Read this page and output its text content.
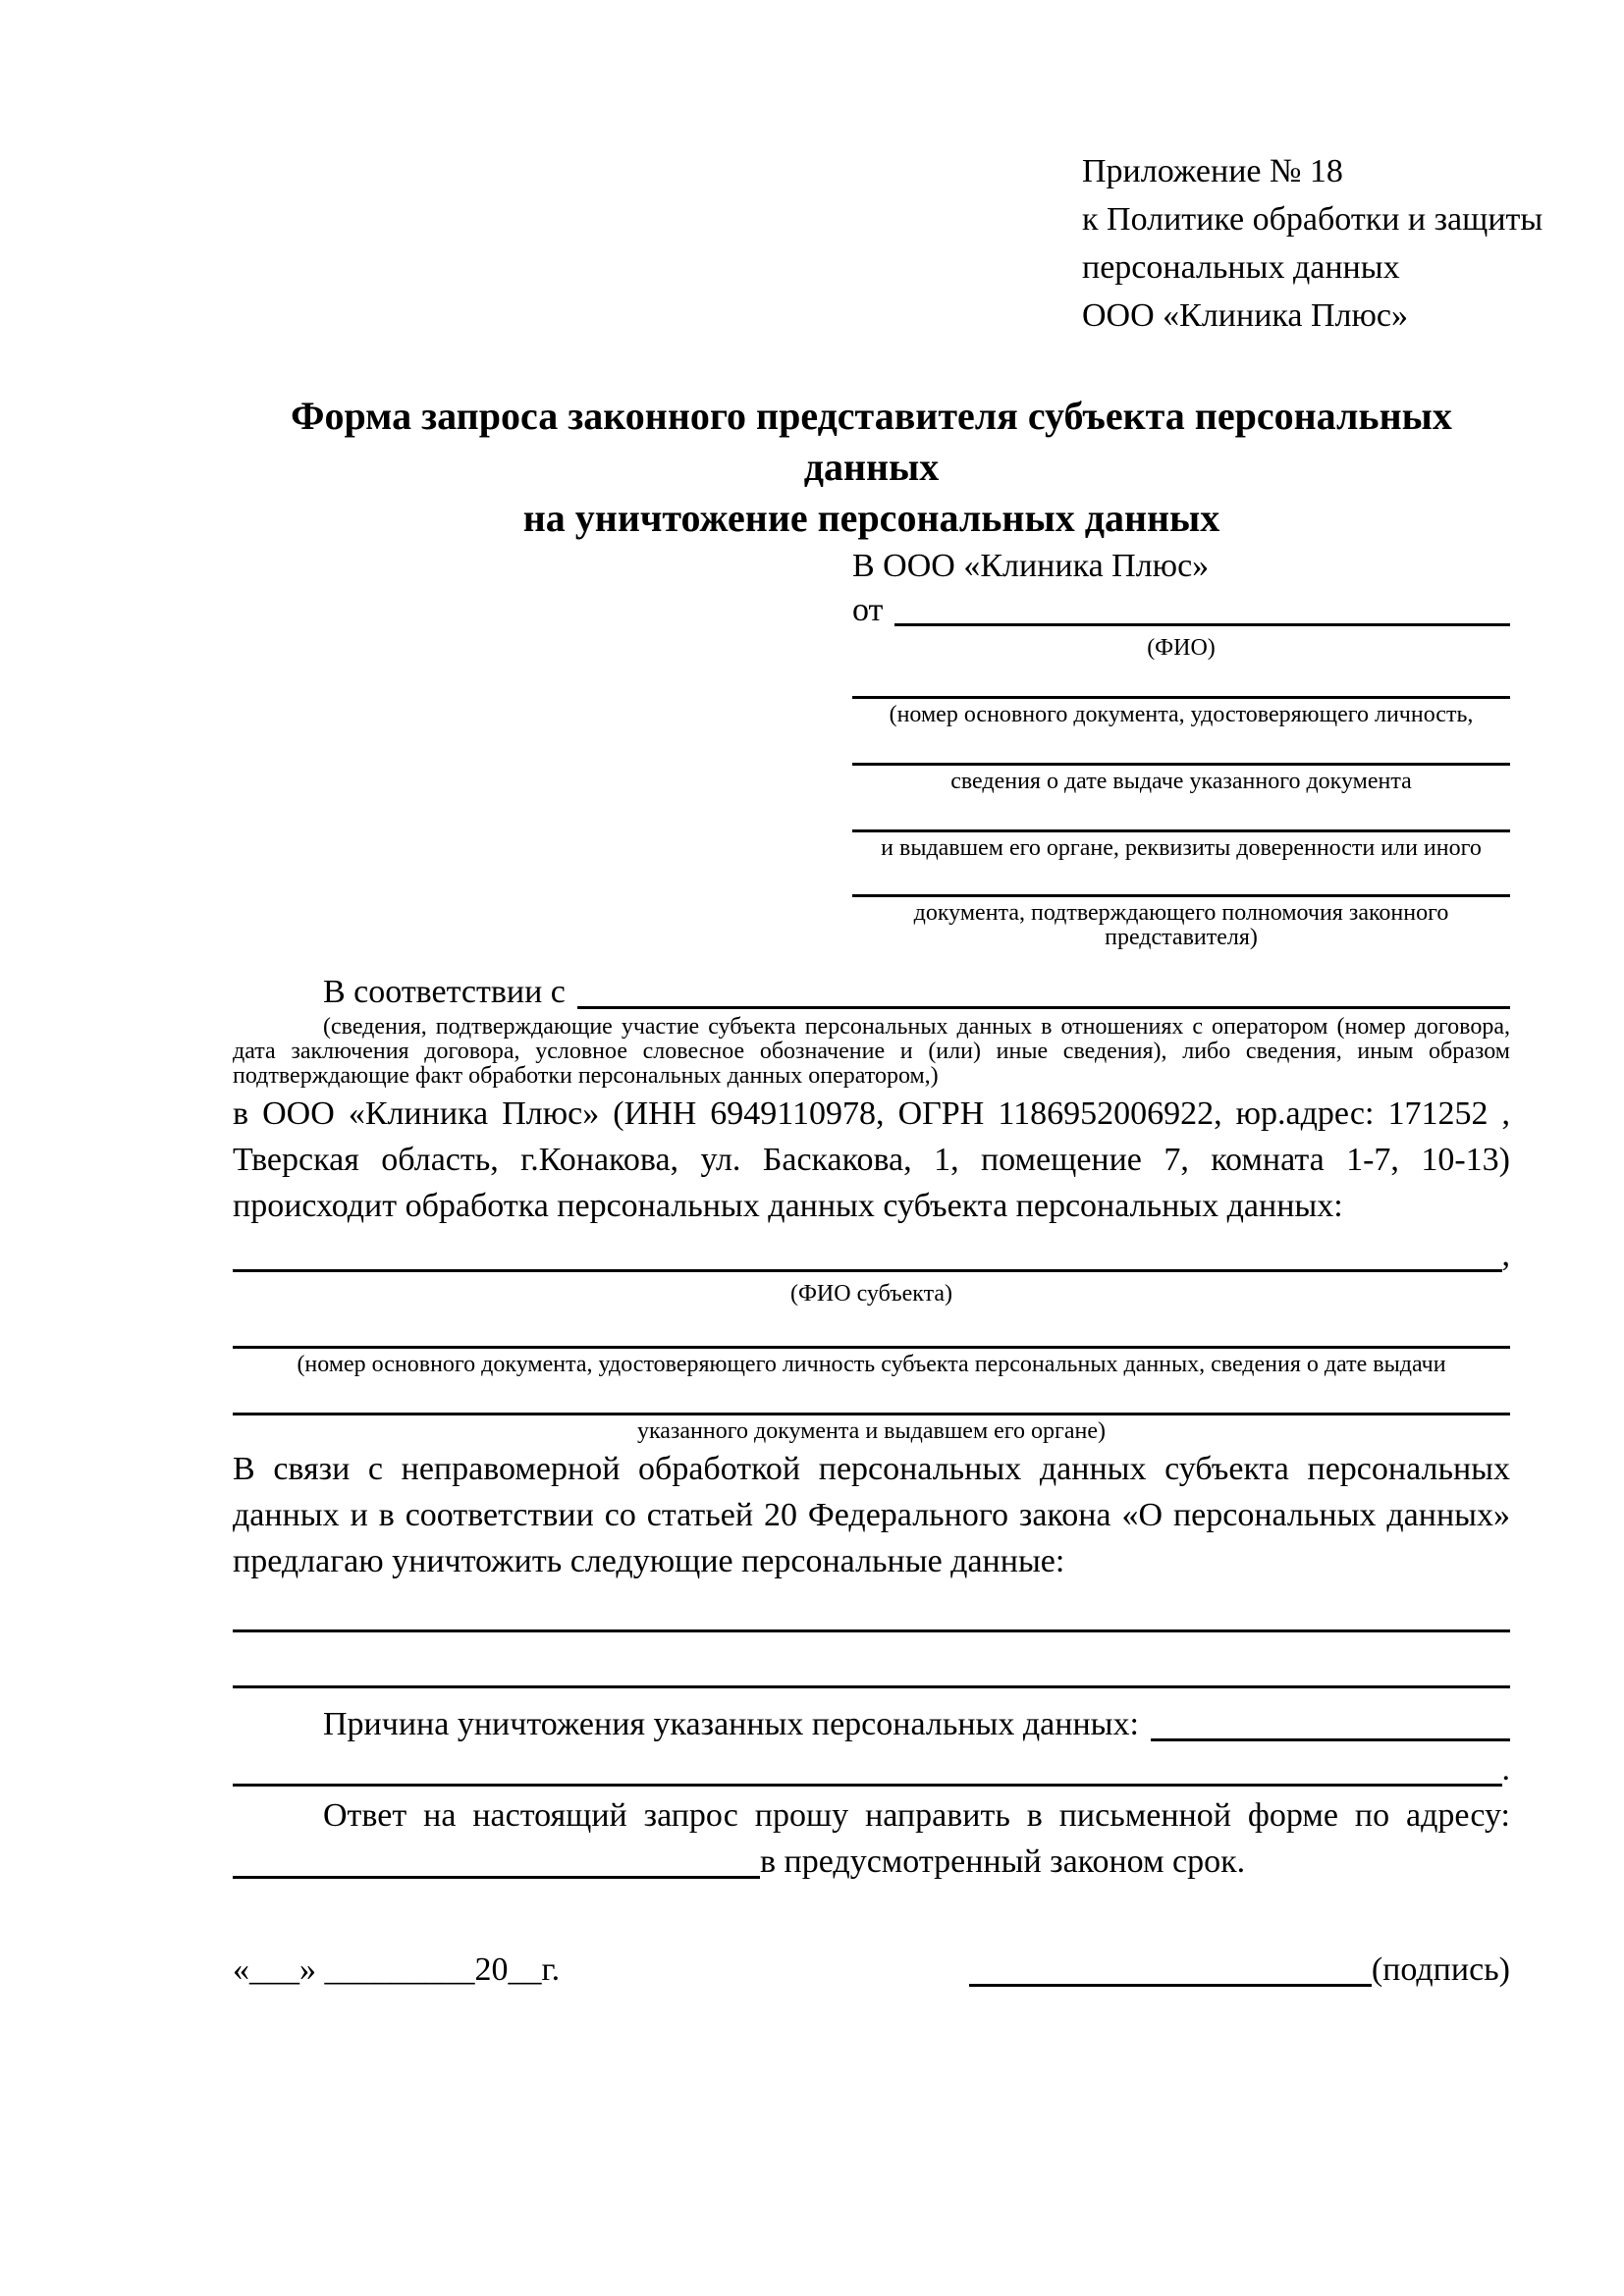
Приложение № 18
к Политике обработки и защиты
персональных данных
ООО «Клиника Плюс»
Форма запроса законного представителя субъекта персональных данных
на уничтожение персональных данных
В ООО «Клиника Плюс»
от
(ФИО)
(номер основного документа, удостоверяющего личность,
сведения о дате выдаче указанного документа
и выдавшем его органе, реквизиты доверенности или иного
документа, подтверждающего полномочия законного представителя)
В соответствии с

(сведения, подтверждающие участие субъекта персональных данных в отношениях с оператором (номер договора, дата заключения договора, условное словесное обозначение и (или) иные сведения), либо сведения, иным образом подтверждающие факт обработки персональных данных оператором,)

в ООО «Клиника Плюс» (ИНН 6949110978, ОГРН 1186952006922, юр.адрес: 171252 , Тверская область, г.Конакова, ул. Баскакова, 1, помещение 7, комната 1-7, 10-13) происходит обработка персональных данных субъекта персональных данных:

,
(ФИО субъекта)
(номер основного документа, удостоверяющего личность субъекта персональных данных, сведения о дате выдачи
указанного документа и выдавшем его органе)

В связи с неправомерной обработкой персональных данных субъекта персональных данных и в соответствии со статьей 20 Федерального закона «О персональных данных» предлагаю уничтожить следующие персональные данные:

Причина уничтожения указанных персональных данных:
.

Ответ на настоящий запрос прошу направить в письменной форме по адресу:

в предусмотренный законом срок.
«___» _________20__г.	(подпись)
